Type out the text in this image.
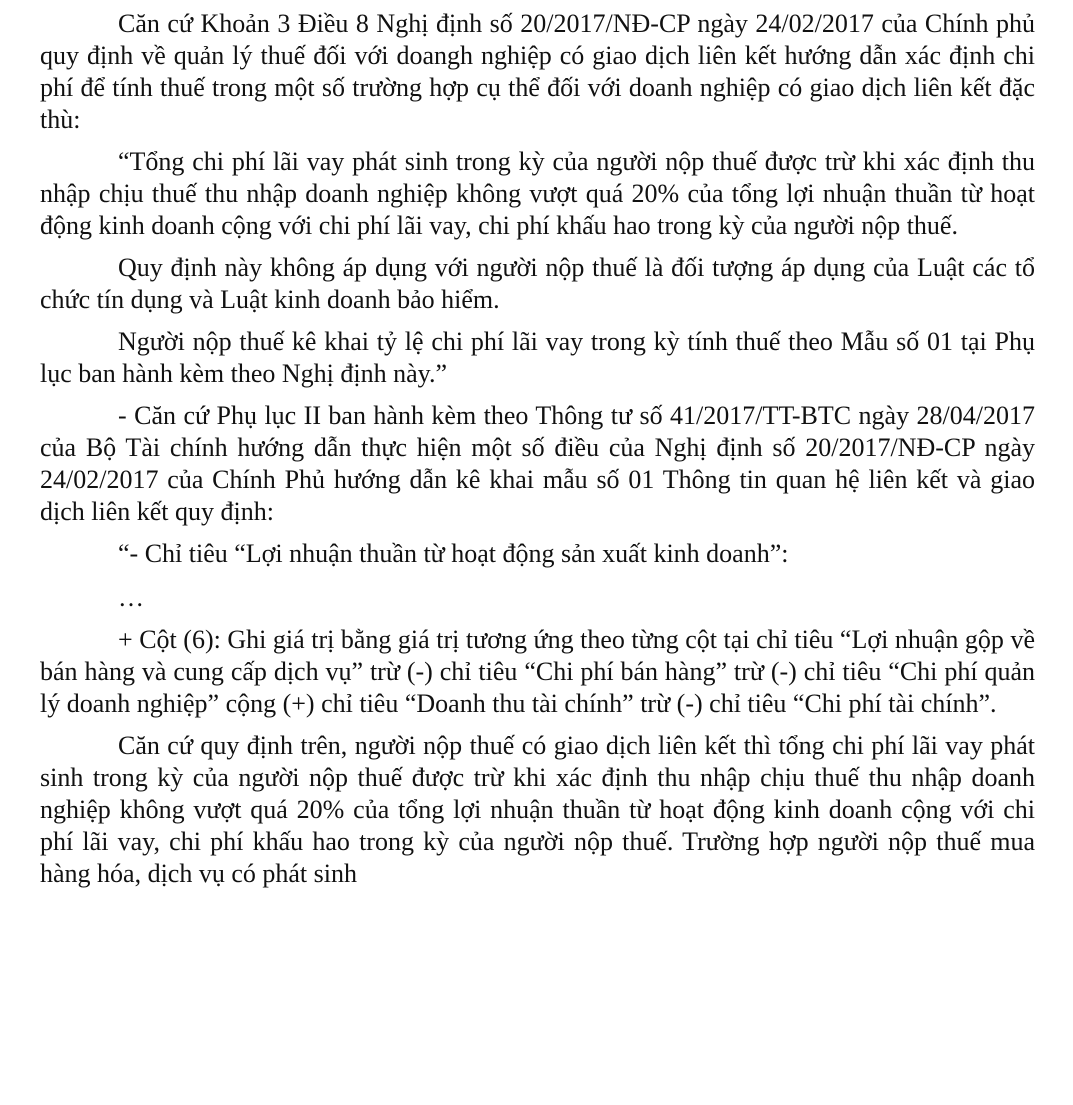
Căn cứ Khoản 3 Điều 8 Nghị định số 20/2017/NĐ-CP ngày 24/02/2017 của Chính phủ quy định về quản lý thuế đối với doangh nghiệp có giao dịch liên kết hướng dẫn xác định chi phí để tính thuế trong một số trường hợp cụ thể đối với doanh nghiệp có giao dịch liên kết đặc thù:

“Tổng chi phí lãi vay phát sinh trong kỳ của người nộp thuế được trừ khi xác định thu nhập chịu thuế thu nhập doanh nghiệp không vượt quá 20% của tổng lợi nhuận thuần từ hoạt động kinh doanh cộng với chi phí lãi vay, chi phí khấu hao trong kỳ của người nộp thuế.

Quy định này không áp dụng với người nộp thuế là đối tượng áp dụng của Luật các tổ chức tín dụng và Luật kinh doanh bảo hiểm.

Người nộp thuế kê khai tỷ lệ chi phí lãi vay trong kỳ tính thuế theo Mẫu số 01 tại Phụ lục ban hành kèm theo Nghị định này.”

- Căn cứ Phụ lục II ban hành kèm theo Thông tư số 41/2017/TT-BTC ngày 28/04/2017 của Bộ Tài chính hướng dẫn thực hiện một số điều của Nghị định số 20/2017/NĐ-CP ngày 24/02/2017 của Chính Phủ hướng dẫn kê khai mẫu số 01 Thông tin quan hệ liên kết và giao dịch liên kết quy định:

“- Chỉ tiêu “Lợi nhuận thuần từ hoạt động sản xuất kinh doanh”:

…

+ Cột (6): Ghi giá trị bằng giá trị tương ứng theo từng cột tại chỉ tiêu “Lợi nhuận gộp về bán hàng và cung cấp dịch vụ” trừ (-) chỉ tiêu “Chi phí bán hàng” trừ (-) chỉ tiêu “Chi phí quản lý doanh nghiệp” cộng (+) chỉ tiêu “Doanh thu tài chính” trừ (-) chỉ tiêu “Chi phí tài chính”.

Căn cứ quy định trên, người nộp thuế có giao dịch liên kết thì tổng chi phí lãi vay phát sinh trong kỳ của người nộp thuế được trừ khi xác định thu nhập chịu thuế thu nhập doanh nghiệp không vượt quá 20% của tổng lợi nhuận thuần từ hoạt động kinh doanh cộng với chi phí lãi vay, chi phí khấu hao trong kỳ của người nộp thuế. Trường hợp người nộp thuế mua hàng hóa, dịch vụ có phát sinh
